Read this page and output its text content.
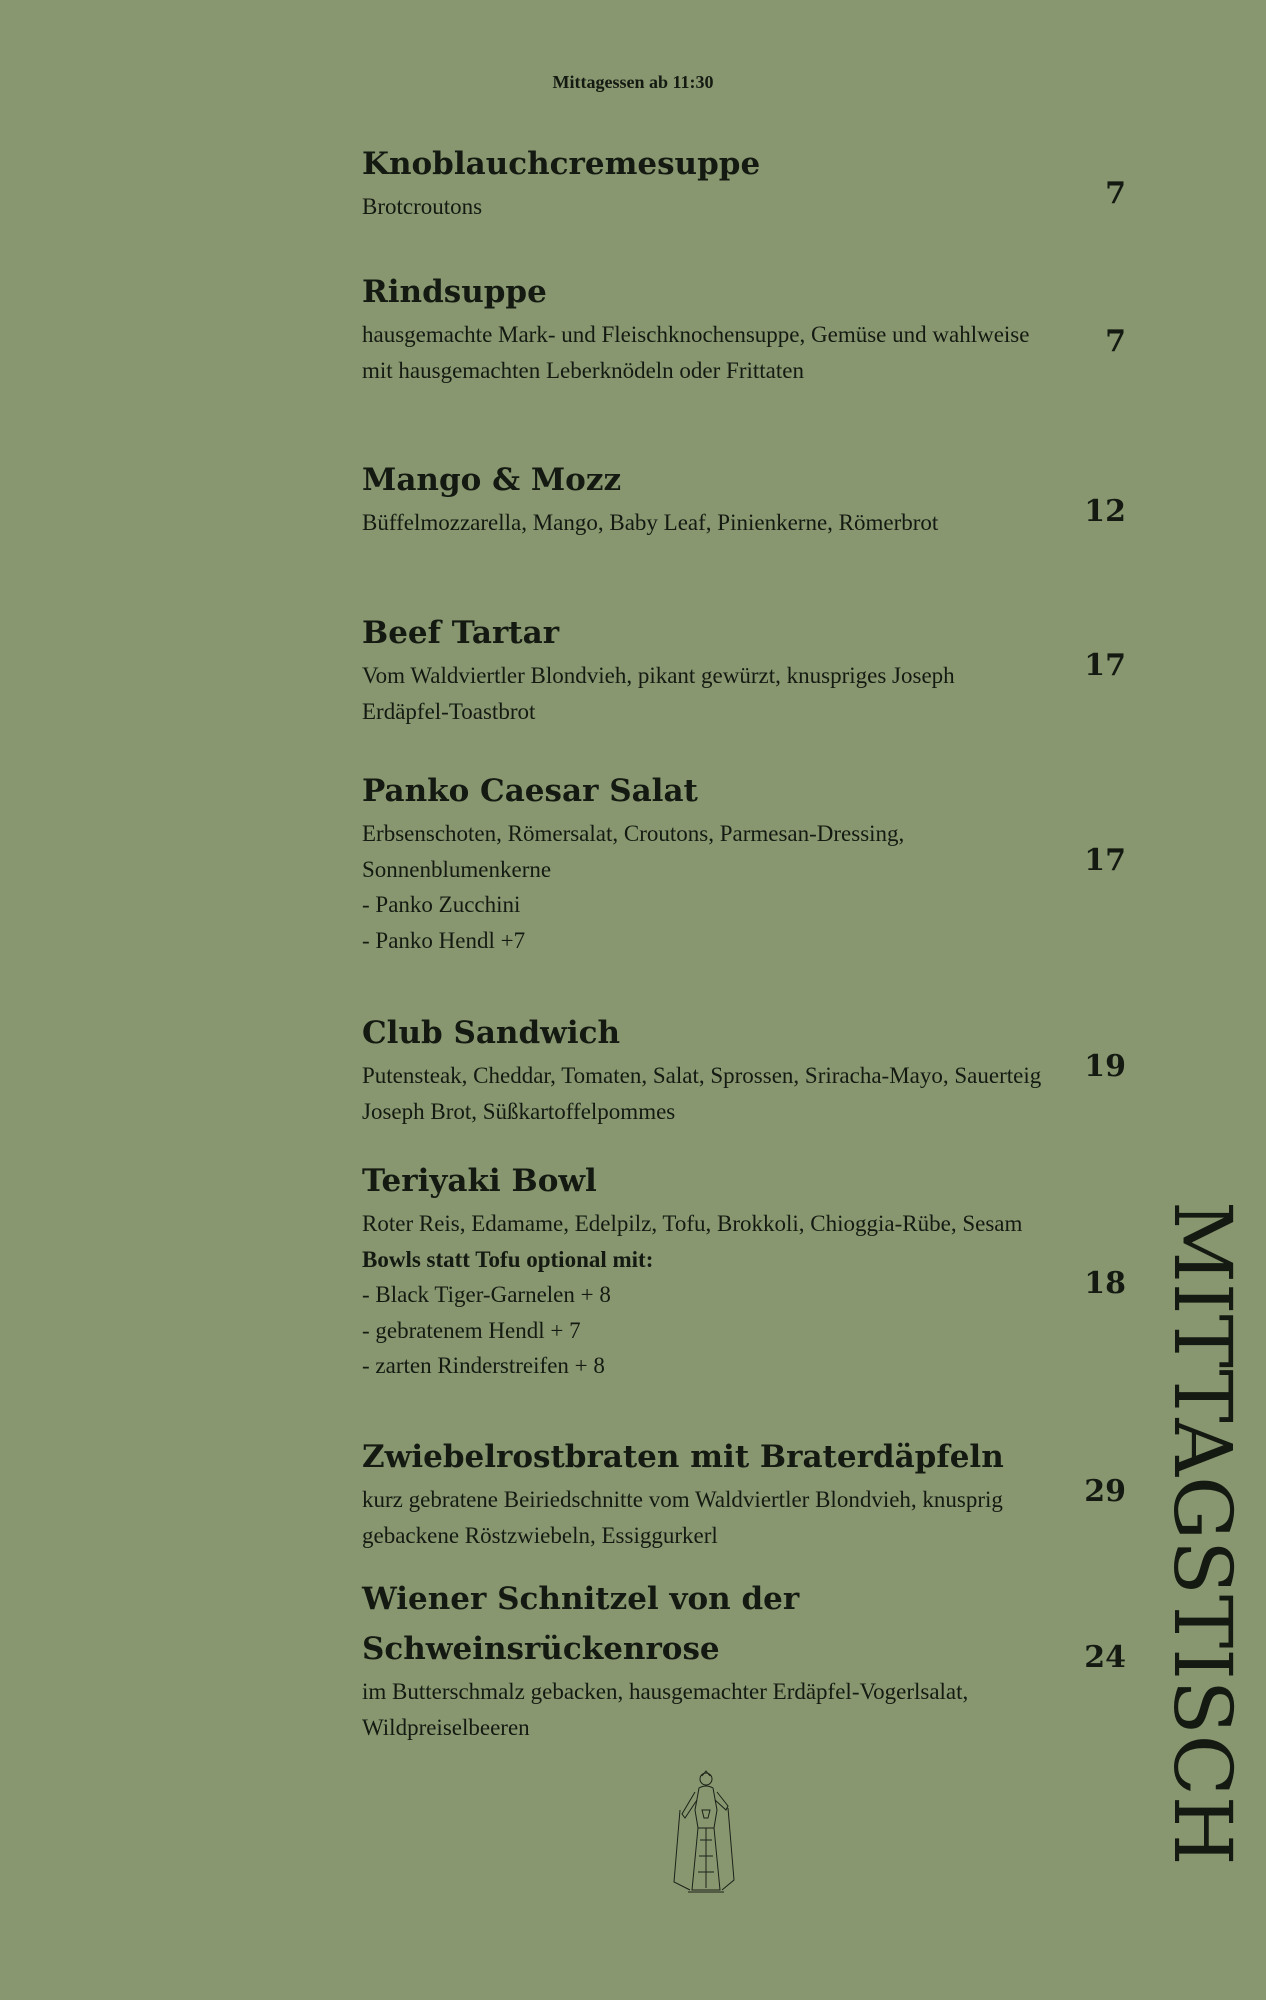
Mittagessen ab 11:30

Knoblauchcremesuppe

Brotcroutons	7

Rindsuppe

hausgemachte Mark- und Fleischknochensuppe, Gemüse und wahlweise mit hausgemachten Leberknödeln oder Frittaten

7

Mango & Mozz

Büffelmozzarella, Mango, Baby Leaf, Pinienkerne, Römerbrot	12

Beef Tartar

Vom Waldviertler Blondvieh, pikant gewürzt, knuspriges Joseph Erdäpfel-Toastbrot

17

Panko Caesar Salat

Erbsenschoten, Römersalat, Croutons, Parmesan-Dressing, Sonnenblumenkerne

- Panko Zucchini
- Panko Hendl +7
17

Club Sandwich

Putensteak, Cheddar, Tomaten, Salat, Sprossen, Sriracha-Mayo, Sauerteig Joseph Brot, Süßkartoffelpommes

19

Teriyaki Bowl

Roter Reis, Edamame, Edelpilz, Tofu, Brokkoli, Chioggia-Rübe, Sesam

Bowls statt Tofu optional mit:
- Black Tiger-Garnelen + 8
- gebratenem Hendl + 7
- zarten Rinderstreifen + 8
18

Zwiebelrostbraten mit Braterdäpfeln

kurz gebratene Beiriedschnitte vom Waldviertler Blondvieh, knusprig gebackene Röstzwiebeln, Essiggurkerl

29

Wiener Schnitzel von der Schweinsrückenrose

im Butterschmalz gebacken, hausgemachter Erdäpfel-Vogerlsalat, Wildpreiselbeeren

24 MITTAGSTISCH
